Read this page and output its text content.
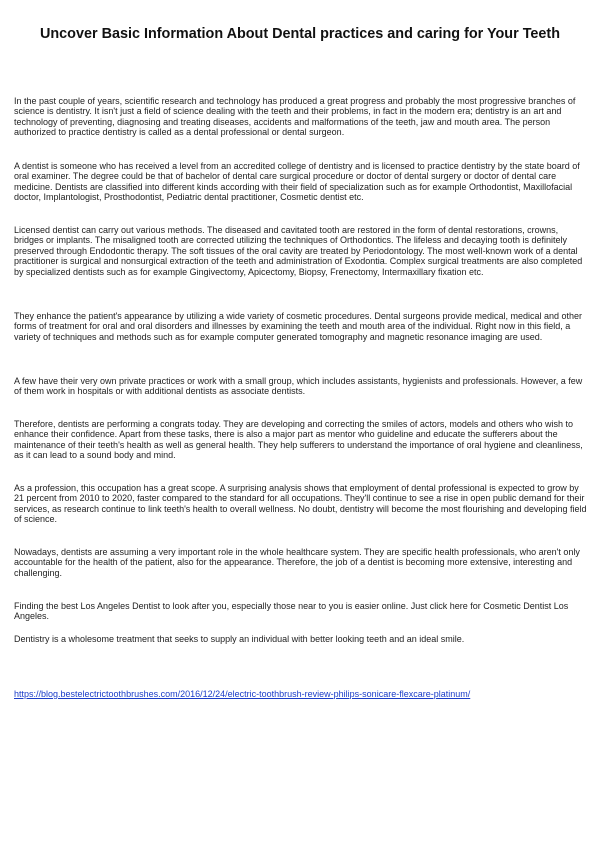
Uncover Basic Information About Dental practices and caring for Your Teeth

In the past couple of years, scientific research and technology has produced a great progress and probably the most progressive branches of science is dentistry. It isn't just a field of science dealing with the teeth and their problems, in fact in the modern era; dentistry is an art and technology of preventing, diagnosing and treating diseases, accidents and malformations of the teeth, jaw and mouth area. The person authorized to practice dentistry is called as a dental professional or dental surgeon.

A dentist is someone who has received a level from an accredited college of dentistry and is licensed to practice dentistry by the state board of oral examiner. The degree could be that of bachelor of dental care surgical procedure or doctor of dental surgery or doctor of dental care medicine. Dentists are classified into different kinds according with their field of specialization such as for example Orthodontist, Maxillofacial doctor, Implantologist, Prosthodontist, Pediatric dental practitioner, Cosmetic dentist etc.

Licensed dentist can carry out various methods. The diseased and cavitated tooth are restored in the form of dental restorations, crowns, bridges or implants. The misaligned tooth are corrected utilizing the techniques of Orthodontics. The lifeless and decaying tooth is definitely preserved through Endodontic therapy. The soft tissues of the oral cavity are treated by Periodontology. The most well-known work of a dental practitioner is surgical and nonsurgical extraction of the teeth and administration of Exodontia. Complex surgical treatments are also completed by specialized dentists such as for example Gingivectomy, Apicectomy, Biopsy, Frenectomy, Intermaxillary fixation etc.

They enhance the patient's appearance by utilizing a wide variety of cosmetic procedures. Dental surgeons provide medical, medical and other forms of treatment for oral and oral disorders and illnesses by examining the teeth and mouth area of the individual. Right now in this field, a variety of techniques and methods such as for example computer generated tomography and magnetic resonance imaging are used.

A few have their very own private practices or work with a small group, which includes assistants, hygienists and professionals. However, a few of them work in hospitals or with additional dentists as associate dentists.

Therefore, dentists are performing a congrats today. They are developing and correcting the smiles of actors, models and others who wish to enhance their confidence. Apart from these tasks, there is also a major part as mentor who guideline and educate the sufferers about the maintenance of their teeth's health as well as general health. They help sufferers to understand the importance of oral hygiene and cleanliness, as it can lead to a sound body and mind.

As a profession, this occupation has a great scope. A surprising analysis shows that employment of dental professional is expected to grow by 21 percent from 2010 to 2020, faster compared to the standard for all occupations. They'll continue to see a rise in open public demand for their services, as research continue to link teeth's health to overall wellness. No doubt, dentistry will become the most flourishing and developing field of science.

Nowadays, dentists are assuming a very important role in the whole healthcare system. They are specific health professionals, who aren't only accountable for the health of the patient, also for the appearance. Therefore, the job of a dentist is becoming more extensive, interesting and challenging.

Finding the best Los Angeles Dentist to look after you, especially those near to you is easier online. Just click here for Cosmetic Dentist Los Angeles.

Dentistry is a wholesome treatment that seeks to supply an individual with better looking teeth and an ideal smile.

https://blog.bestelectrictoothbrushes.com/2016/12/24/electric-toothbrush-review-philips-sonicare-flexcare-platinum/
